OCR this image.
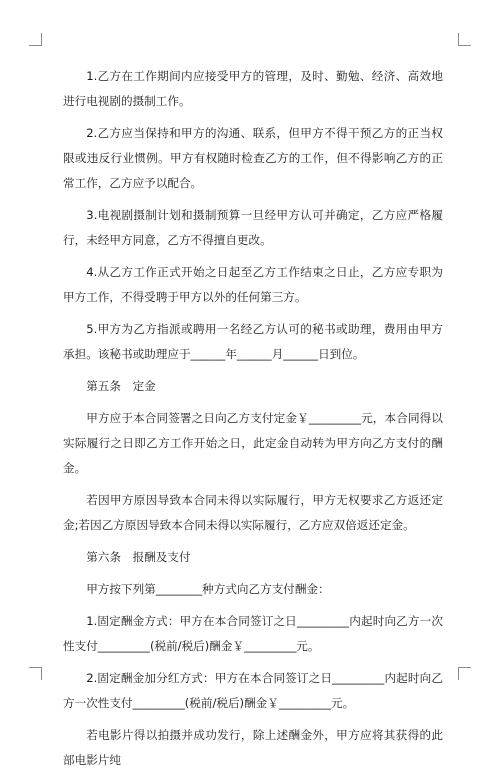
1.乙方在工作期间内应接受甲方的管理，及时、勤勉、经济、高效地进行电视剧的摄制工作。

2.乙方应当保持和甲方的沟通、联系，但甲方不得干预乙方的正当权限或违反行业惯例。甲方有权随时检查乙方的工作，但不得影响乙方的正常工作，乙方应予以配合。

3.电视剧摄制计划和摄制预算一旦经甲方认可并确定，乙方应严格履行，未经甲方同意，乙方不得擅自更改。

4.从乙方工作正式开始之日起至乙方工作结束之日止，乙方应专职为甲方工作，不得受聘于甲方以外的任何第三方。

5.甲方为乙方指派或聘用一名经乙方认可的秘书或助理，费用由甲方承担。该秘书或助理应于______年______月______日到位。

第五条　定金

甲方应于本合同签署之日向乙方支付定金￥_________元，本合同得以实际履行之日即乙方工作开始之日，此定金自动转为甲方向乙方支付的酬金。

若因甲方原因导致本合同未得以实际履行，甲方无权要求乙方返还定金;若因乙方原因导致本合同未得以实际履行，乙方应双倍返还定金。

第六条　报酬及支付

甲方按下列第________种方式向乙方支付酬金：

1.固定酬金方式：甲方在本合同签订之日_________内起时向乙方一次性支付_________(税前/税后)酬金￥_________元。

2.固定酬金加分红方式：甲方在本合同签订之日_________内起时向乙方一次性支付_________(税前/税后)酬金￥_________元。

若电影片得以拍摄并成功发行，除上述酬金外，甲方应将其获得的此部电影片纯
